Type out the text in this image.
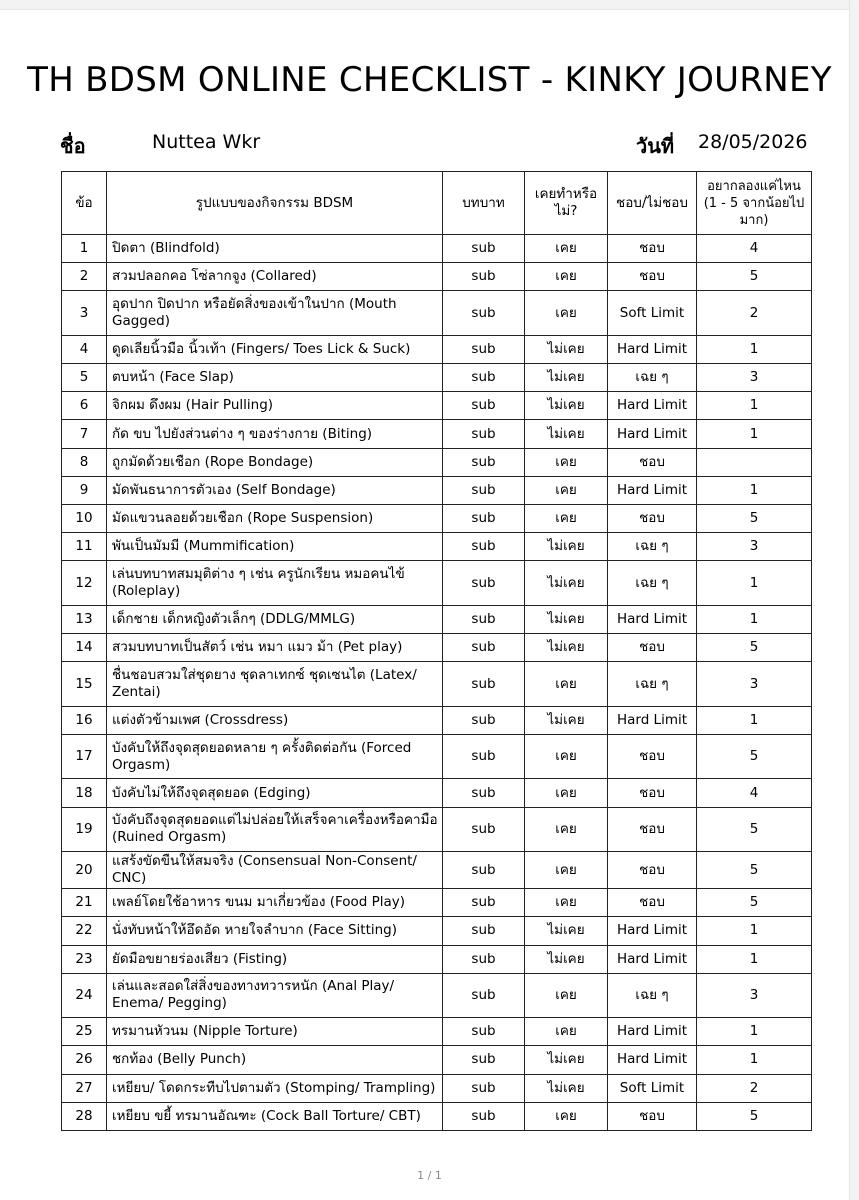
TH BDSM ONLINE CHECKLIST - KINKY JOURNEY
ชื่อ	Nuttea Wkr	วันที่ 28/05/2026
ข้อ	รูปแบบของกิจกรรม BDSM	บทบาท	เคยทำหรือไม่?	ชอบ/ไม่ชอบ	อยากลองแค่ไหน (1 - 5 จากน้อยไปมาก)
1	ปิดตา (Blindfold)	sub	เคย	ชอบ	4
2	สวมปลอกคอ โซ่ลากจูง (Collared)	sub	เคย	ชอบ	5
3	อุดปาก ปิดปาก หรือยัดสิ่งของเข้าในปาก (Mouth Gagged)	sub	เคย	Soft Limit	2
4	ดูดเลียนิ้วมือ นิ้วเท้า (Fingers/ Toes Lick & Suck)	sub	ไม่เคย	Hard Limit	1
5	ตบหน้า (Face Slap)	sub	ไม่เคย	เฉย ๆ	3
6	จิกผม ดึงผม (Hair Pulling)	sub	ไม่เคย	Hard Limit	1
7	กัด ขบ ไปยังส่วนต่าง ๆ ของร่างกาย (Biting)	sub	ไม่เคย	Hard Limit	1
8	ถูกมัดด้วยเชือก (Rope Bondage)	sub	เคย	ชอบ	
9	มัดพันธนาการตัวเอง (Self Bondage)	sub	เคย	Hard Limit	1
10	มัดแขวนลอยด้วยเชือก (Rope Suspension)	sub	เคย	ชอบ	5
11	พันเป็นมัมมี (Mummification)	sub	ไม่เคย	เฉย ๆ	3
12	เล่นบทบาทสมมุติต่าง ๆ เช่น ครูนักเรียน หมอคนไข้ (Roleplay)	sub	ไม่เคย	เฉย ๆ	1
13	เด็กชาย เด็กหญิงตัวเล็กๆ (DDLG/MMLG)	sub	ไม่เคย	Hard Limit	1
14	สวมบทบาทเป็นสัตว์ เช่น หมา แมว ม้า (Pet play)	sub	ไม่เคย	ชอบ	5
15	ชื่นชอบสวมใส่ชุดยาง ชุดลาเทกซ์ ชุดเซนไต (Latex/ Zentai)	sub	เคย	เฉย ๆ	3
16	แต่งตัวข้ามเพศ (Crossdress)	sub	ไม่เคย	Hard Limit	1
17	บังคับให้ถึงจุดสุดยอดหลาย ๆ ครั้งติดต่อกัน (Forced Orgasm)	sub	เคย	ชอบ	5
18	บังคับไม่ให้ถึงจุดสุดยอด (Edging)	sub	เคย	ชอบ	4
19	บังคับถึงจุดสุดยอดแต่ไม่ปล่อยให้เสร็จคาเครื่องหรือคามือ (Ruined Orgasm)	sub	เคย	ชอบ	5
20	แสร้งขัดขืนให้สมจริง (Consensual Non-Consent/ CNC)	sub	เคย	ชอบ	5
21	เพลย์โดยใช้อาหาร ขนม มาเกี่ยวข้อง (Food Play)	sub	เคย	ชอบ	5
22	นั่งทับหน้าให้อึดอัด หายใจลำบาก (Face Sitting)	sub	ไม่เคย	Hard Limit	1
23	ยัดมือขยายร่องเสียว (Fisting)	sub	ไม่เคย	Hard Limit	1
24	เล่นและสอดใส่สิ่งของทางทวารหนัก (Anal Play/ Enema/ Pegging)	sub	เคย	เฉย ๆ	3
25	ทรมานหัวนม (Nipple Torture)	sub	เคย	Hard Limit	1
26	ชกท้อง (Belly Punch)	sub	ไม่เคย	Hard Limit	1
27	เหยียบ/ โดดกระทืบไปตามตัว (Stomping/ Trampling)	sub	ไม่เคย	Soft Limit	2
28	เหยียบ ขยี้ ทรมานอัณฑะ (Cock Ball Torture/ CBT)	sub	เคย	ชอบ	5
1 / 1
